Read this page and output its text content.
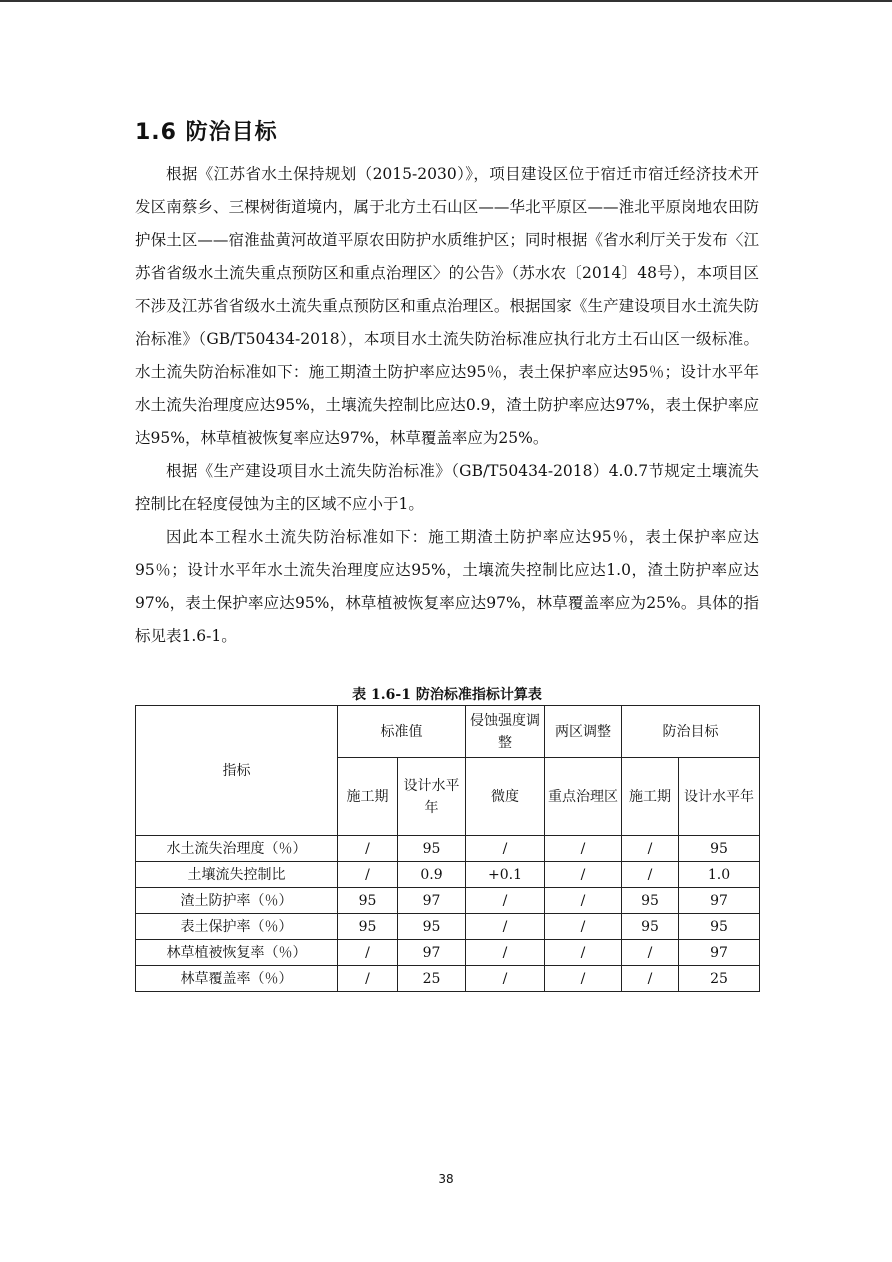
1.6 防治目标

根据《江苏省水土保持规划（2015-2030）》，项目建设区位于宿迁市宿迁经济技术开发区南蔡乡、三棵树街道境内，属于北方土石山区——华北平原区——淮北平原岗地农田防护保土区——宿淮盐黄河故道平原农田防护水质维护区；同时根据《省水利厅关于发布〈江苏省省级水土流失重点预防区和重点治理区〉的公告》（苏水农〔2014〕48号），本项目区不涉及江苏省省级水土流失重点预防区和重点治理区。根据国家《生产建设项目水土流失防治标准》（GB/T50434-2018），本项目水土流失防治标准应执行北方土石山区一级标准。水土流失防治标准如下：施工期渣土防护率应达95％，表土保护率应达95％；设计水平年水土流失治理度应达95%，土壤流失控制比应达0.9，渣土防护率应达97%，表土保护率应达95%，林草植被恢复率应达97%，林草覆盖率应为25%。

根据《生产建设项目水土流失防治标准》（GB/T50434-2018）4.0.7节规定土壤流失控制比在轻度侵蚀为主的区域不应小于1。

因此本工程水土流失防治标准如下：施工期渣土防护率应达95％，表土保护率应达95％；设计水平年水土流失治理度应达95%，土壤流失控制比应达1.0，渣土防护率应达97%，表土保护率应达95%，林草植被恢复率应达97%，林草覆盖率应为25%。具体的指标见表1.6-1。

表 1.6-1 防治标准指标计算表
指标	标准值		侵蚀强度调整	两区调整	防治目标	
	施工期	设计水平年	微度	重点治理区	施工期	设计水平年
水土流失治理度（％）	/	95	/	/	/	95
土壤流失控制比	/	0.9	+0.1	/	/	1.0
渣土防护率（％）	95	97	/	/	95	97
表土保护率（％）	95	95	/	/	95	95
林草植被恢复率（％）	/	97	/	/	/	97
林草覆盖率（％）	/	25	/	/	/	25
38
